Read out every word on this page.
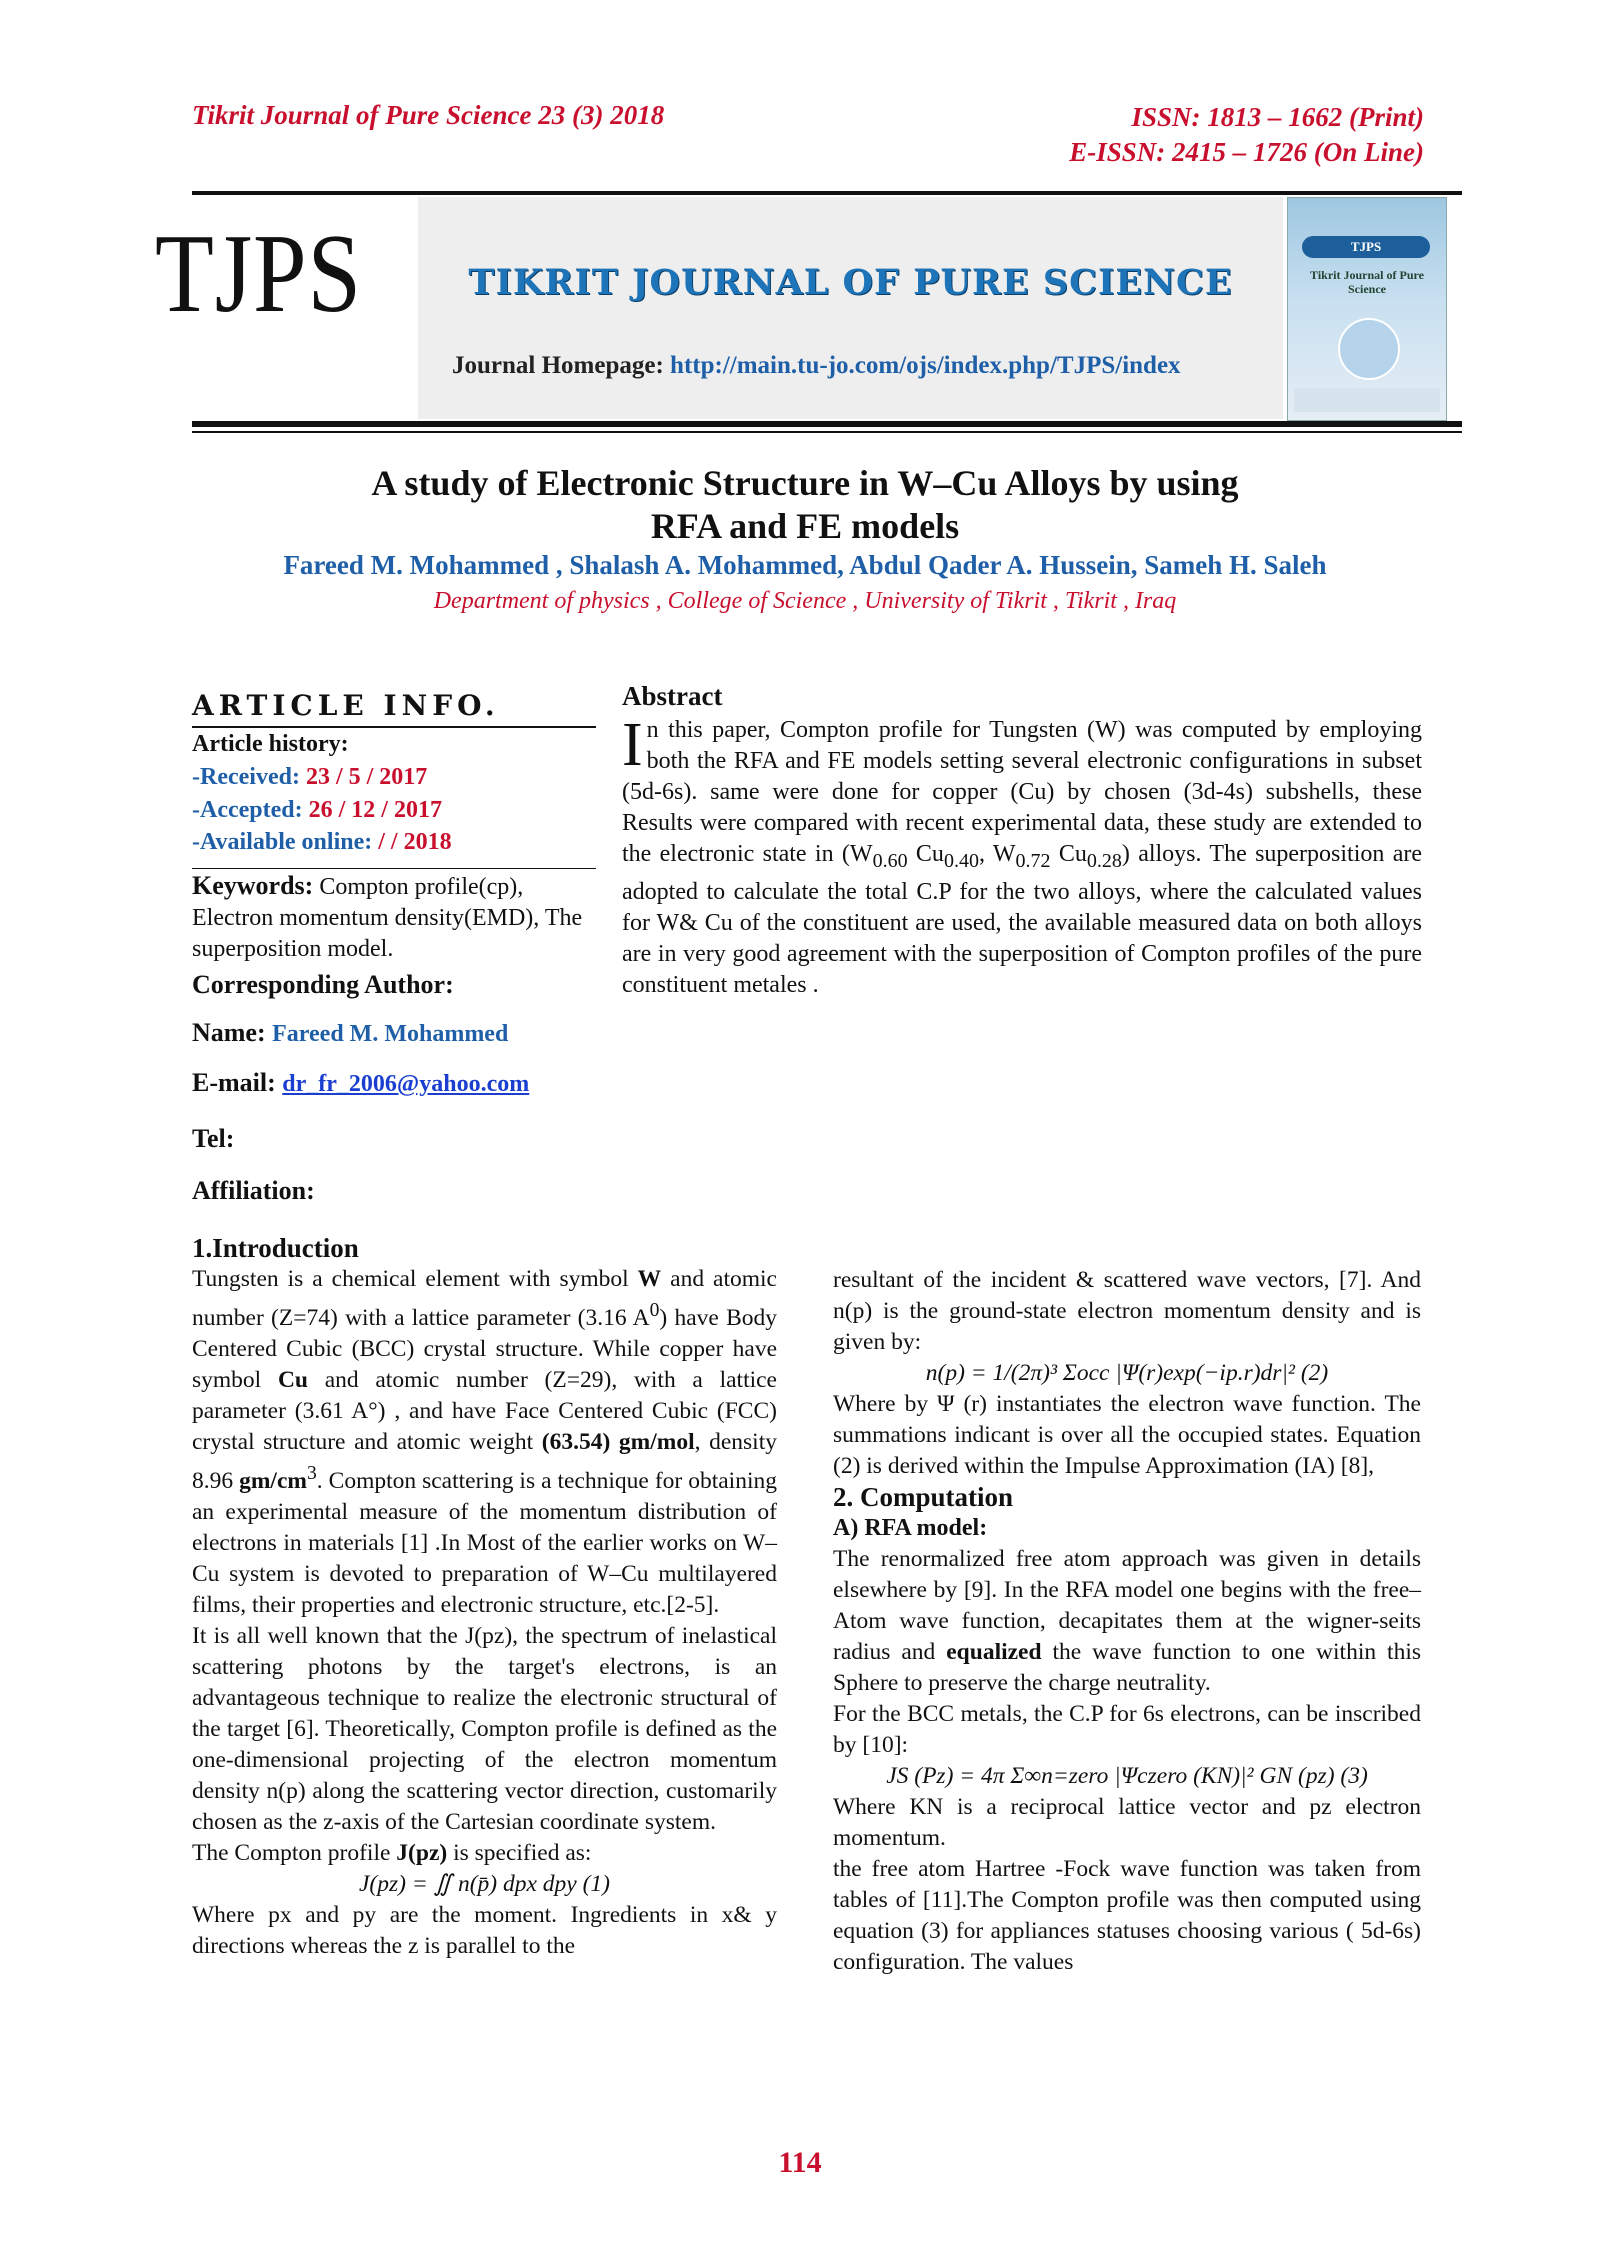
Tikrit Journal of Pure Science 23 (3) 2018	ISSN: 1813 – 1662 (Print)
E-ISSN: 2415 – 1726 (On Line)
TJPS	TIKRIT JOURNAL OF PURE SCIENCE
Journal Homepage: http://main.tu-jo.com/ojs/index.php/TJPS/index
TJPS
Tikrit Journal of Pure Science
A study of Electronic Structure in W–Cu Alloys by using
RFA and FE models
Fareed M. Mohammed , Shalash A. Mohammed, Abdul Qader A. Hussein, Sameh H. Saleh
Department of physics , College of Science , University of Tikrit , Tikrit , Iraq
ARTICLE INFO.
Article history:
-Received: 23 / 5 / 2017
-Accepted: 26 / 12 / 2017
-Available online: / / 2018
Keywords: Compton profile(cp), Electron momentum density(EMD), The superposition model.
Corresponding Author:
Name: Fareed M. Mohammed
E-mail: dr_fr_2006@yahoo.com
Tel:
Affiliation:
Abstract
In this paper, Compton profile for Tungsten (W) was computed by employing both the RFA and FE models setting several electronic configurations in subset (5d-6s). same were done for copper (Cu) by chosen (3d-4s) subshells, these Results were compared with recent experimental data, these study are extended to the electronic state in ($W_{0.60}$ $Cu_{0.40}$, $W_{0.72}$ $Cu_{0.28}$) alloys. The superposition are adopted to calculate the total C.P for the two alloys, where the calculated values for W& Cu of the constituent are used, the available measured data on both alloys are in very good agreement with the superposition of Compton profiles of the pure constituent metales .
1.Introduction

Tungsten is a chemical element with symbol W and atomic number (Z=74) with a lattice parameter (3.16 $A^0$) have Body Centered Cubic (BCC) crystal structure. While copper have symbol Cu and atomic number (Z=29), with a lattice parameter (3.61 A°) , and have Face Centered Cubic (FCC) crystal structure and atomic weight (63.54) gm/mol, density 8.96 $gm/cm^3$. Compton scattering is a technique for obtaining an experimental measure of the momentum distribution of electrons in materials [1] .In Most of the earlier works on W–Cu system is devoted to preparation of W–Cu multilayered films, their properties and electronic structure, etc.[2-5].

It is all well known that the J(pz), the spectrum of inelastical scattering photons by the target's electrons, is an advantageous technique to realize the electronic structural of the target [6]. Theoretically, Compton profile is defined as the one-dimensional projecting of the electron momentum density n(p) along the scattering vector direction, customarily chosen as the z-axis of the Cartesian coordinate system.

The Compton profile J(pz) is specified as:

J(pz) = ∬ n(p̄) dpx dpy (1)

Where px and py are the moment. Ingredients in x& y directions whereas the z is parallel to the

resultant of the incident & scattered wave vectors, [7]. And n(p) is the ground-state electron momentum density and is given by:

n(p) = 1/(2π)³ Σocc |Ψ(r)exp(−ip.r)dr|² (2)

Where by Ψ (r) instantiates the electron wave function. The summations indicant is over all the occupied states. Equation (2) is derived within the Impulse Approximation (IA) [8],

2. Computation
A) RFA model:

The renormalized free atom approach was given in details elsewhere by [9]. In the RFA model one begins with the free–Atom wave function, decapitates them at the wigner-seits radius and equalized the wave function to one within this Sphere to preserve the charge neutrality.

For the BCC metals, the C.P for 6s electrons, can be inscribed by [10]:

JS (Pz) = 4π Σ∞n=zero |Ψczero (KN)|² GN (pz) (3)

Where KN is a reciprocal lattice vector and pz electron momentum.

the free atom Hartree -Fock wave function was taken from tables of [11].The Compton profile was then computed using equation (3) for appliances statuses choosing various ( 5d-6s) configuration. The values

114
